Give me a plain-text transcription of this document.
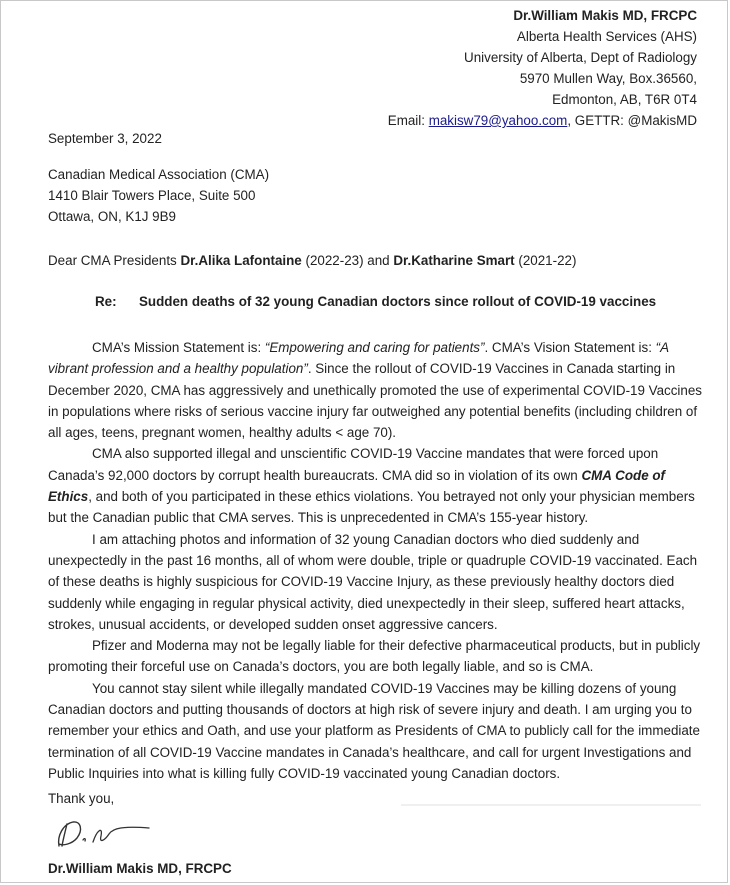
Dr.William Makis MD, FRCPC
Alberta Health Services (AHS)
University of Alberta, Dept of Radiology
5970 Mullen Way, Box.36560,
Edmonton, AB, T6R 0T4
Email: makisw79@yahoo.com, GETTR: @MakisMD
September 3, 2022
Canadian Medical Association (CMA)
1410 Blair Towers Place, Suite 500
Ottawa, ON, K1J 9B9
Dear CMA Presidents Dr.Alika Lafontaine (2022-23) and Dr.Katharine Smart (2021-22)
Re: Sudden deaths of 32 young Canadian doctors since rollout of COVID-19 vaccines

CMA’s Mission Statement is: “Empowering and caring for patients”. CMA’s Vision Statement is: “A vibrant profession and a healthy population”. Since the rollout of COVID-19 Vaccines in Canada starting in December 2020, CMA has aggressively and unethically promoted the use of experimental COVID-19 Vaccines in populations where risks of serious vaccine injury far outweighed any potential benefits (including children of all ages, teens, pregnant women, healthy adults < age 70).

CMA also supported illegal and unscientific COVID-19 Vaccine mandates that were forced upon Canada’s 92,000 doctors by corrupt health bureaucrats. CMA did so in violation of its own CMA Code of Ethics, and both of you participated in these ethics violations. You betrayed not only your physician members but the Canadian public that CMA serves. This is unprecedented in CMA’s 155-year history.

I am attaching photos and information of 32 young Canadian doctors who died suddenly and unexpectedly in the past 16 months, all of whom were double, triple or quadruple COVID-19 vaccinated. Each of these deaths is highly suspicious for COVID-19 Vaccine Injury, as these previously healthy doctors died suddenly while engaging in regular physical activity, died unexpectedly in their sleep, suffered heart attacks, strokes, unusual accidents, or developed sudden onset aggressive cancers.

Pfizer and Moderna may not be legally liable for their defective pharmaceutical products, but in publicly promoting their forceful use on Canada’s doctors, you are both legally liable, and so is CMA.

You cannot stay silent while illegally mandated COVID-19 Vaccines may be killing dozens of young Canadian doctors and putting thousands of doctors at high risk of severe injury and death. I am urging you to remember your ethics and Oath, and use your platform as Presidents of CMA to publicly call for the immediate termination of all COVID-19 Vaccine mandates in Canada’s healthcare, and call for urgent Investigations and Public Inquiries into what is killing fully COVID-19 vaccinated young Canadian doctors.

Thank you,
Dr.William Makis MD, FRCPC
